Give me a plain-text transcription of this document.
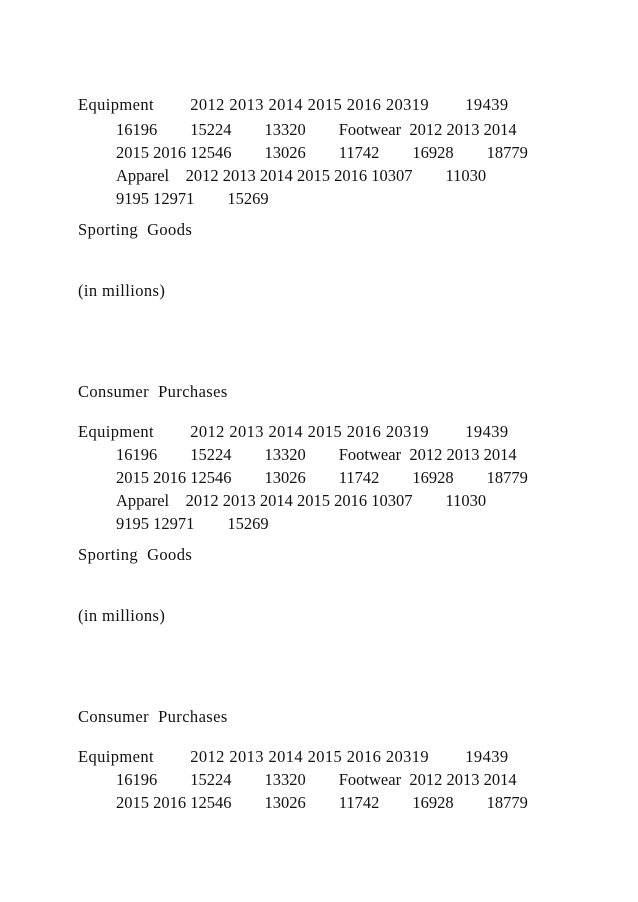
Equipment        2012 2013 2014 2015 2016 20319        19439

16196        15224        13320        Footwear  2012 2013 2014

2015 2016 12546        13026        11742        16928        18779

Apparel    2012 2013 2014 2015 2016 10307        11030

9195 12971        15269

Sporting  Goods

(in millions)

Consumer  Purchases

Equipment        2012 2013 2014 2015 2016 20319        19439

16196        15224        13320        Footwear  2012 2013 2014

2015 2016 12546        13026        11742        16928        18779

Apparel    2012 2013 2014 2015 2016 10307        11030

9195 12971        15269

Sporting  Goods

(in millions)

Consumer  Purchases

Equipment        2012 2013 2014 2015 2016 20319        19439

16196        15224        13320        Footwear  2012 2013 2014

2015 2016 12546        13026        11742        16928        18779
